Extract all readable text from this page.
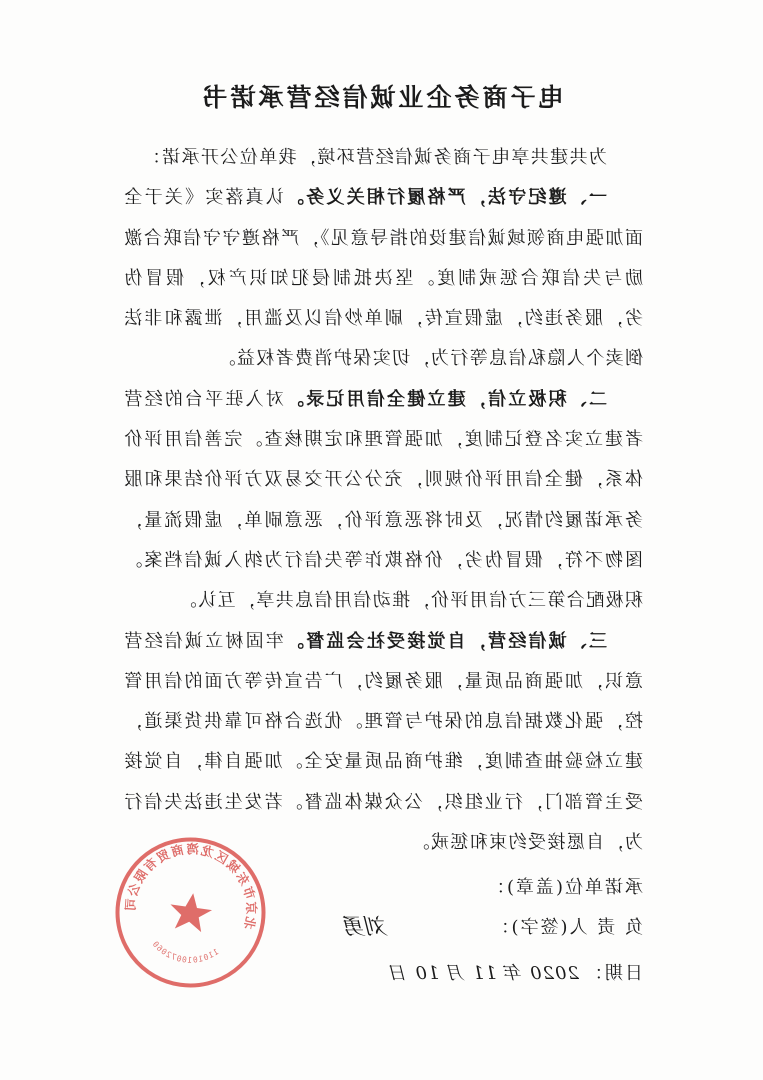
电子商务企业诚信经营承诺书

为共建共享电子商务诚信经营环境，我单位公开承诺：

一、遵纪守法，严格履行相关义务。认真落实《关于全面加强电商领域诚信建设的指导意见》，严格遵守守信联合激励与失信联合惩戒制度。坚决抵制侵犯知识产权，假冒伪劣，服务违约，虚假宣传，刷单炒信以及滥用，泄露和非法倒卖个人隐私信息等行为，切实保护消费者权益。

二、积极立信，建立健全信用记录。对入驻平台的经营者建立实名登记制度，加强管理和定期核查。完善信用评价体系，健全信用评价规则，充分公开交易双方评价结果和服务承诺履约情况，及时将恶意评价，恶意刷单，虚假流量，图物不符，假冒伪劣，价格欺诈等失信行为纳入诚信档案。积极配合第三方信用评价，推动信用信息共享，互认。

三、诚信经营，自觉接受社会监督。牢固树立诚信经营意识，加强商品质量，服务履约，广告宣传等方面的信用管控，强化数据信息的保护与管理。优选合格可靠供货渠道，建立检验抽查制度，维护商品质量安全。加强自律，自觉接受主管部门，行业组织，公众媒体监督。若发生违法失信行为，自愿接受约束和惩戒。

承诺单位(盖章)：
负 责 人(签字)：
刘勇
日期：2020 年 11 月 10 日
北京市东城区龙湾商贸有限公司
1101010072060
